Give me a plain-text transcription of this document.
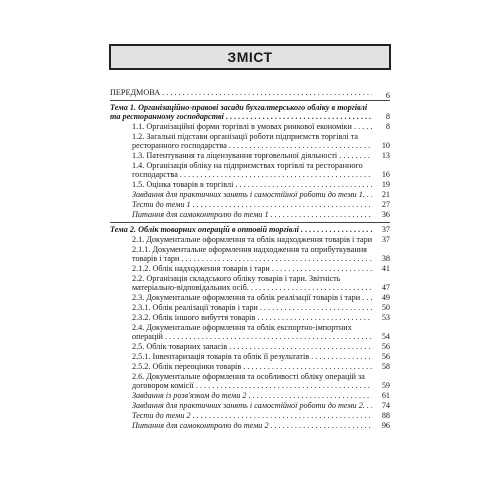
ЗМІСТ
ПЕРЕДМОВА . . .	6
Тема 1. Організаційно-правові засади бухгалтерського обліку в торгівлі та ресторанному господарстві . . .	8
1.1. Організаційні форми торгівлі в умовах ринкової економіки . . .	8
1.2. Загальні підстави організації роботи підприємств торгівлі та ресторанного господарства . . .	10
1.3. Патентування та ліцензування торговельної діяльності . . .	13
1.4. Організація обліку на підприємствах торгівлі та ресторанного господарства . . .	16
1.5. Оцінка товарів в торгівлі . . .	19
Завдання для практичних занять і самостійної роботи до теми 1. . . .	21
Тести до теми 1 . . .	27
Питання для самоконтролю до теми 1 . . .	36
Тема 2. Облік товарних операцій в оптовій торгівлі . . .	37
2.1. Документальне оформлення та облік надходження товарів і тари . . .	37
2.1.1. Документальне оформлення надходження та оприбуткування товарів і тари . . .	38
2.1.2. Облік надходження товарів і тари . . .	41
2.2. Організація складського обліку товарів і тари. Звітність матеріально-відповідальних осіб. . . .	47
2.3. Документальне оформлення та облік реалізації товарів і тари . . .	49
2.3.1. Облік реалізації товарів і тари . . .	50
2.3.2. Облік іншого вибуття товарів . . .	53
2.4. Документальне оформлення та облік експортно-імпортних операцій . . .	54
2.5. Облік товарних запасів . . .	56
2.5.1. Інвентаризація товарів та облік її результатів . . .	56
2.5.2. Облік переоцінки товарів . . .	58
2.6. Документальне оформлення та особливості обліку операцій за договором комісії . . .	59
Завдання із розв'язком до теми 2 . . .	61
Завдання для практичних занять і самостійної роботи до теми 2. . . .	74
Тести до теми 2 . . .	88
Питання для самоконтролю до теми 2 . . .	96
